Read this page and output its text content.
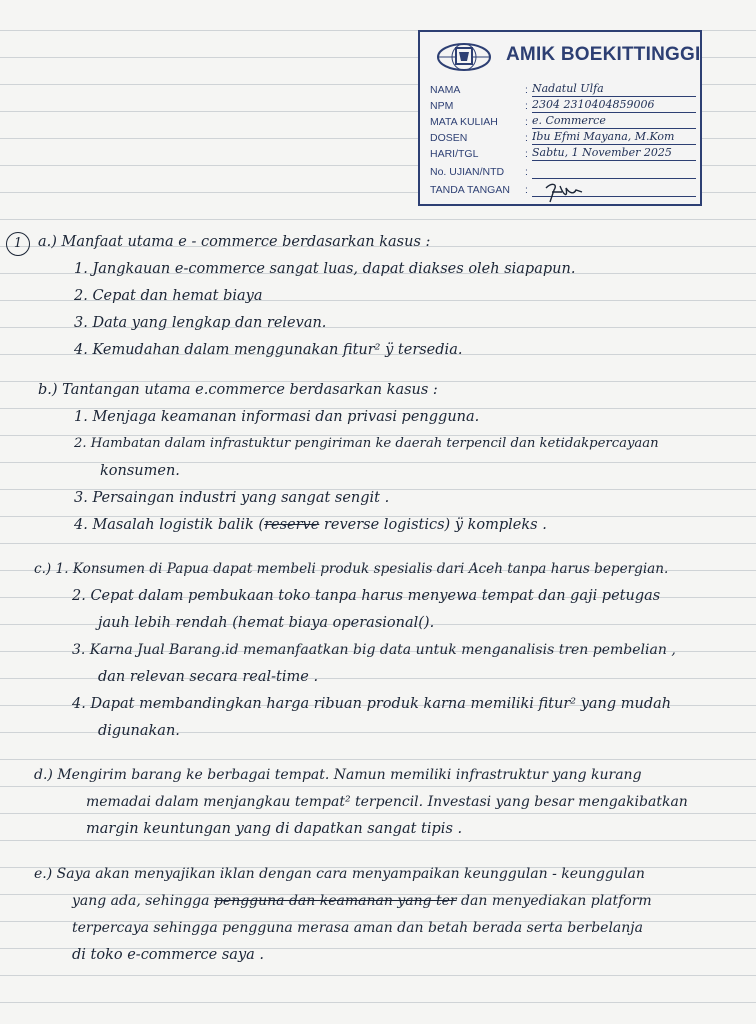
AMIK BOEKITTINGGI
NAMA	: Nadatul Ulfa
NPM	: 2304 2310404859006
MATA KULIAH	: e. Commerce
DOSEN	: Ibu Efmi Mayana, M.Kom
HARI/TGL	: Sabtu, 1 November 2025
No. UJIAN/NTD :
TANDA TANGAN :
1	a.) Manfaat utama e - commerce berdasarkan kasus :
1. Jangkauan e-commerce sangat luas, dapat diakses oleh siapapun.
2. Cepat dan hemat biaya
3. Data yang lengkap dan relevan.
4. Kemudahan dalam menggunakan fitur² ÿ tersedia.
b.) Tantangan utama e.commerce berdasarkan kasus :
1. Menjaga keamanan informasi dan privasi pengguna.
2. Hambatan dalam infrastuktur pengiriman ke daerah terpencil dan ketidakpercayaan
konsumen.
3. Persaingan industri yang sangat sengit .
4. Masalah logistik balik (reserve reverse logistics) ÿ kompleks .
c.) 1. Konsumen di Papua dapat membeli produk spesialis dari Aceh tanpa harus bepergian.
2. Cepat dalam pembukaan toko tanpa harus menyewa tempat dan gaji petugas
jauh lebih rendah (hemat biaya operasional().
3. Karna Jual Barang.id memanfaatkan big data untuk menganalisis tren pembelian ,
dan relevan secara real-time .
4. Dapat membandingkan harga ribuan produk karna memiliki fitur² yang mudah
digunakan.
d.) Mengirim barang ke berbagai tempat. Namun memiliki infrastruktur yang kurang
memadai dalam menjangkau tempat² terpencil. Investasi yang besar mengakibatkan
margin keuntungan yang di dapatkan sangat tipis .
e.) Saya akan menyajikan iklan dengan cara menyampaikan keunggulan - keunggulan
yang ada, sehingga pengguna dan keamanan yang ter dan menyediakan platform
terpercaya sehingga pengguna merasa aman dan betah berada serta berbelanja
di toko e-commerce saya .
